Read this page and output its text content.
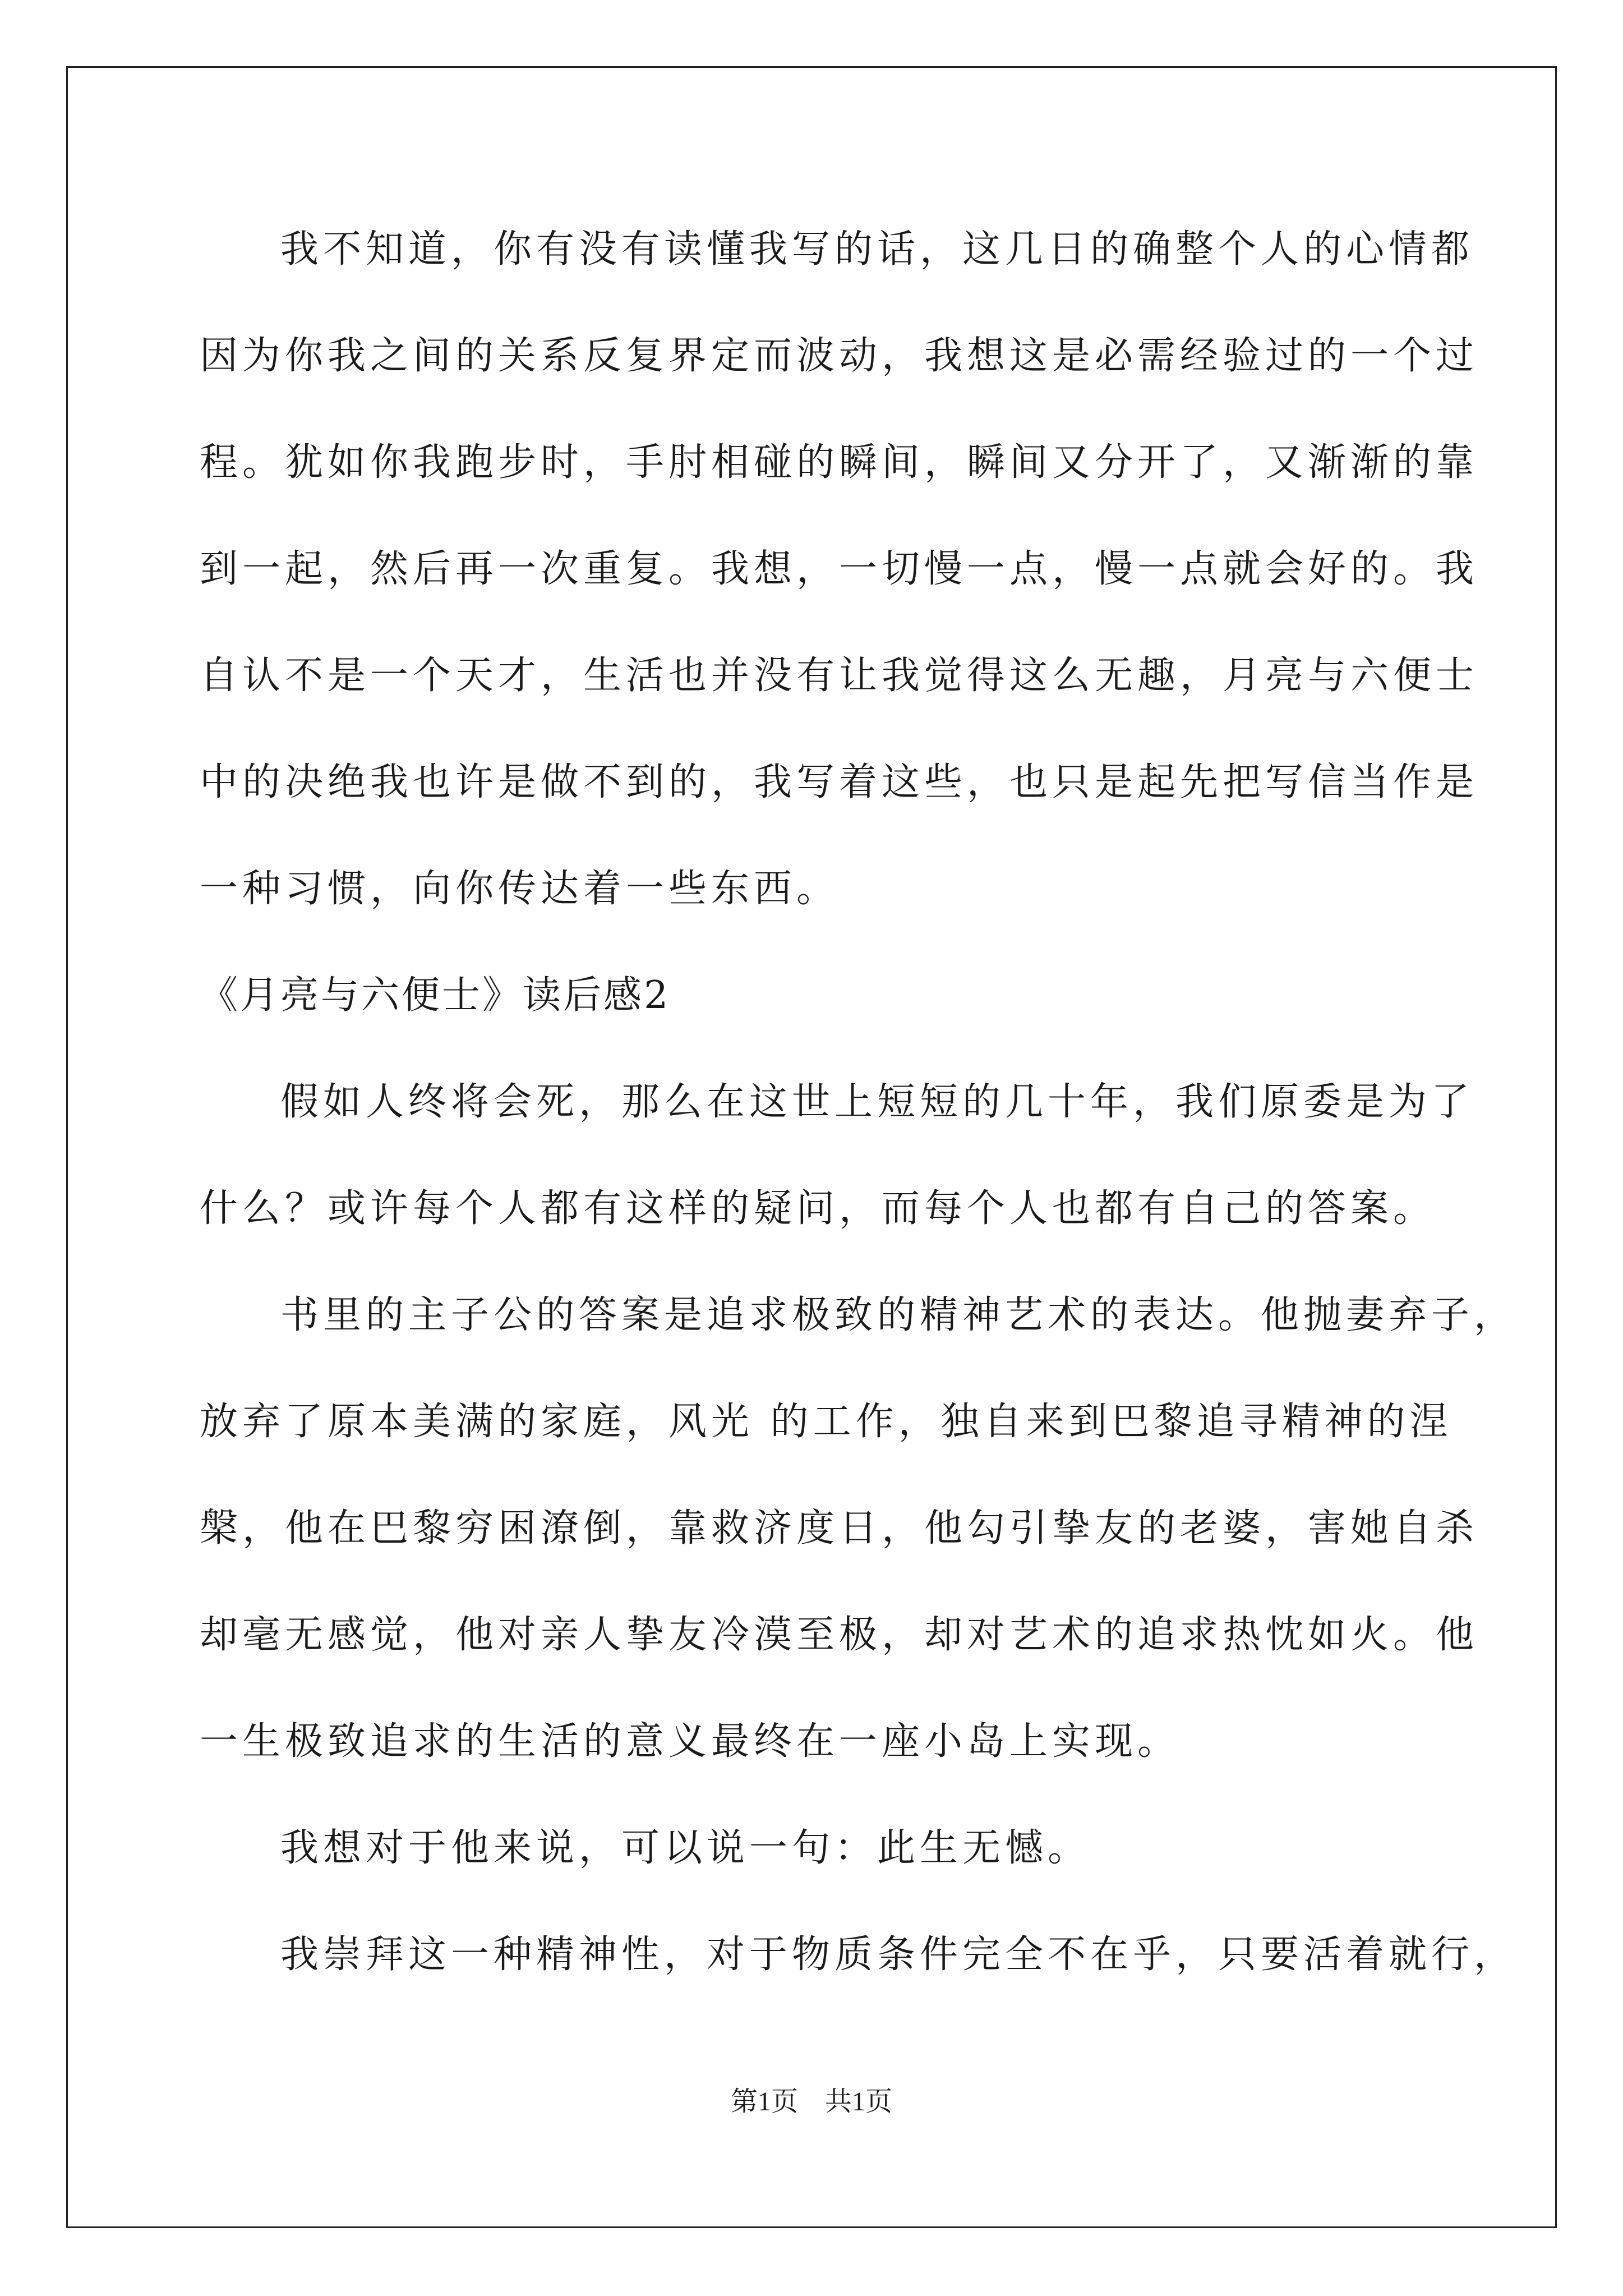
我不知道，你有没有读懂我写的话，这几日的确整个人的心情都
因为你我之间的关系反复界定而波动，我想这是必需经验过的一个过
程。犹如你我跑步时，手肘相碰的瞬间，瞬间又分开了，又渐渐的靠
到一起，然后再一次重复。我想，一切慢一点，慢一点就会好的。我
自认不是一个天才，生活也并没有让我觉得这么无趣，月亮与六便士
中的决绝我也许是做不到的，我写着这些，也只是起先把写信当作是
一种习惯，向你传达着一些东西。
《月亮与六便士》读后感2
假如人终将会死，那么在这世上短短的几十年，我们原委是为了
什么？或许每个人都有这样的疑问，而每个人也都有自己的答案。
书里的主子公的答案是追求极致的精神艺术的表达。他抛妻弃子，
放弃了原本美满的家庭，风光 的工作，独自来到巴黎追寻精神的涅
槃，他在巴黎穷困潦倒，靠救济度日，他勾引挚友的老婆，害她自杀
却毫无感觉，他对亲人挚友冷漠至极，却对艺术的追求热忱如火。他
一生极致追求的生活的意义最终在一座小岛上实现。
我想对于他来说，可以说一句：此生无憾。
我崇拜这一种精神性，对于物质条件完全不在乎，只要活着就行，
第1页　共1页
